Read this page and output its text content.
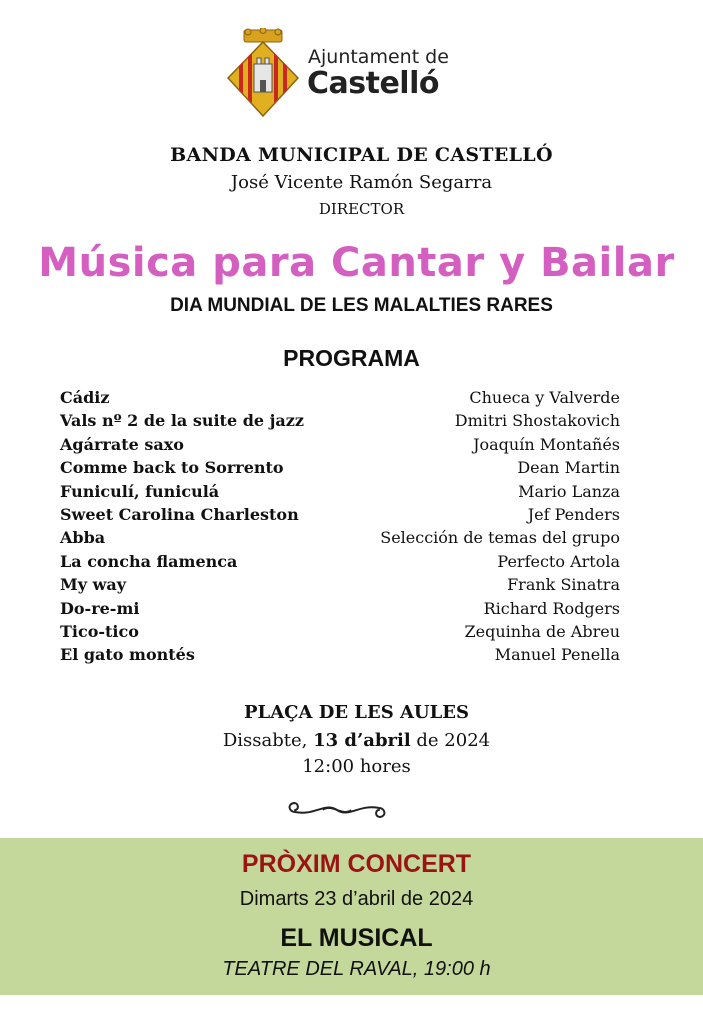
Ajuntament de
Castelló
BANDA MUNICIPAL DE CASTELLÓ
José Vicente Ramón Segarra
DIRECTOR
Música para Cantar y Bailar
DIA MUNDIAL DE LES MALALTIES RARES
PROGRAMA
Cádiz	Chueca y Valverde
Vals nº 2 de la suite de jazz	Dmitri Shostakovich
Agárrate saxo	Joaquín Montañés
Comme back to Sorrento	Dean Martin
Funiculí, funiculá	Mario Lanza
Sweet Carolina Charleston	Jef Penders
Abba	Selección de temas del grupo
La concha flamenca	Perfecto Artola
My way	Frank Sinatra
Do-re-mi	Richard Rodgers
Tico-tico	Zequinha de Abreu
El gato montés	Manuel Penella
PLAÇA DE LES AULES
Dissabte, 13 d’abril de 2024
12:00 hores
PRÒXIM CONCERT
Dimarts 23 d’abril de 2024
EL MUSICAL
TEATRE DEL RAVAL, 19:00 h
